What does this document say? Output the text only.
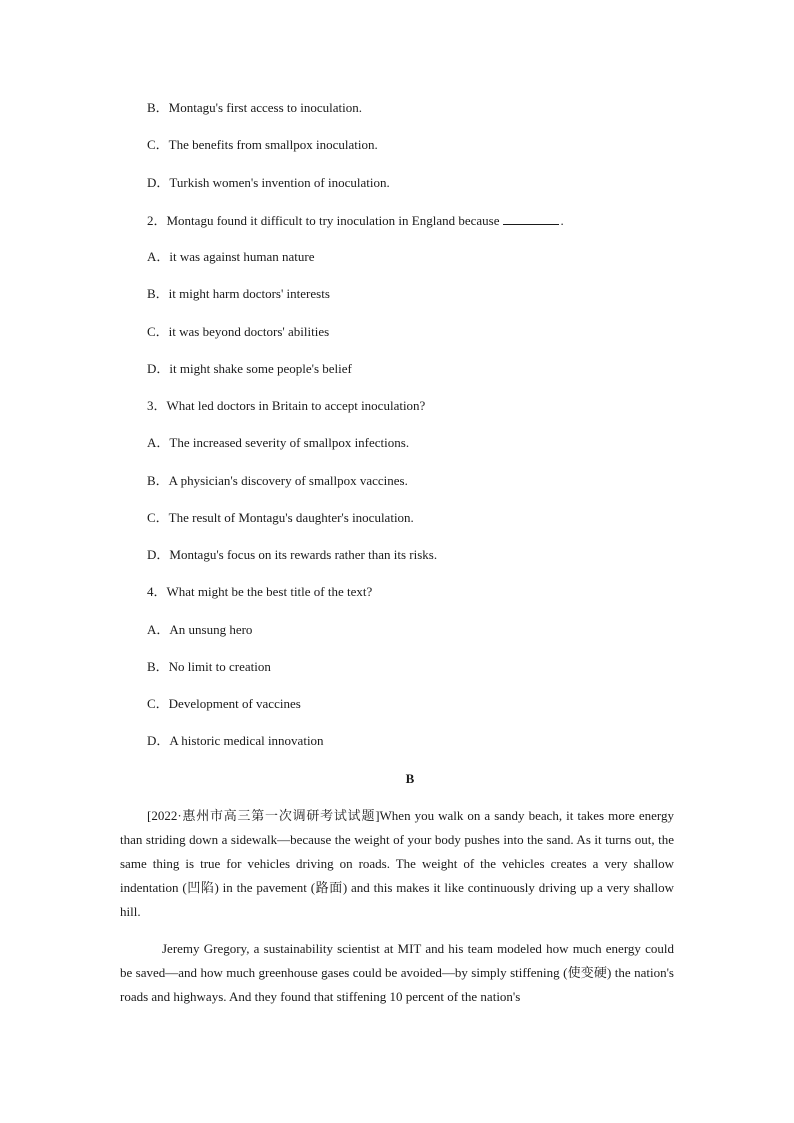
B．Montagu's first access to inoculation.
C．The benefits from smallpox inoculation.
D．Turkish women's invention of inoculation.
2．Montagu found it difficult to try inoculation in England because	.
A．it was against human nature
B．it might harm doctors' interests
C．it was beyond doctors' abilities
D．it might shake some people's belief
3．What led doctors in Britain to accept inoculation?
A．The increased severity of smallpox infections.
B．A physician's discovery of smallpox vaccines.
C．The result of Montagu's daughter's inoculation.
D．Montagu's focus on its rewards rather than its risks.
4．What might be the best title of the text?
A．An unsung hero
B．No limit to creation
C．Development of vaccines
D．A historic medical innovation
B

[2022·惠州市高三第一次调研考试试题]When you walk on a sandy beach, it takes more energy than striding down a sidewalk—because the weight of your body pushes into the sand. As it turns out, the same thing is true for vehicles driving on roads. The weight of the vehicles creates a very shallow indentation (凹陷) in the pavement (路面) and this makes it like continuously driving up a very shallow hill.

Jeremy Gregory, a sustainability scientist at MIT and his team modeled how much energy could be saved—and how much greenhouse gases could be avoided—by simply stiffening (使变硬) the nation's roads and highways. And they found that stiffening 10 percent of the nation's
